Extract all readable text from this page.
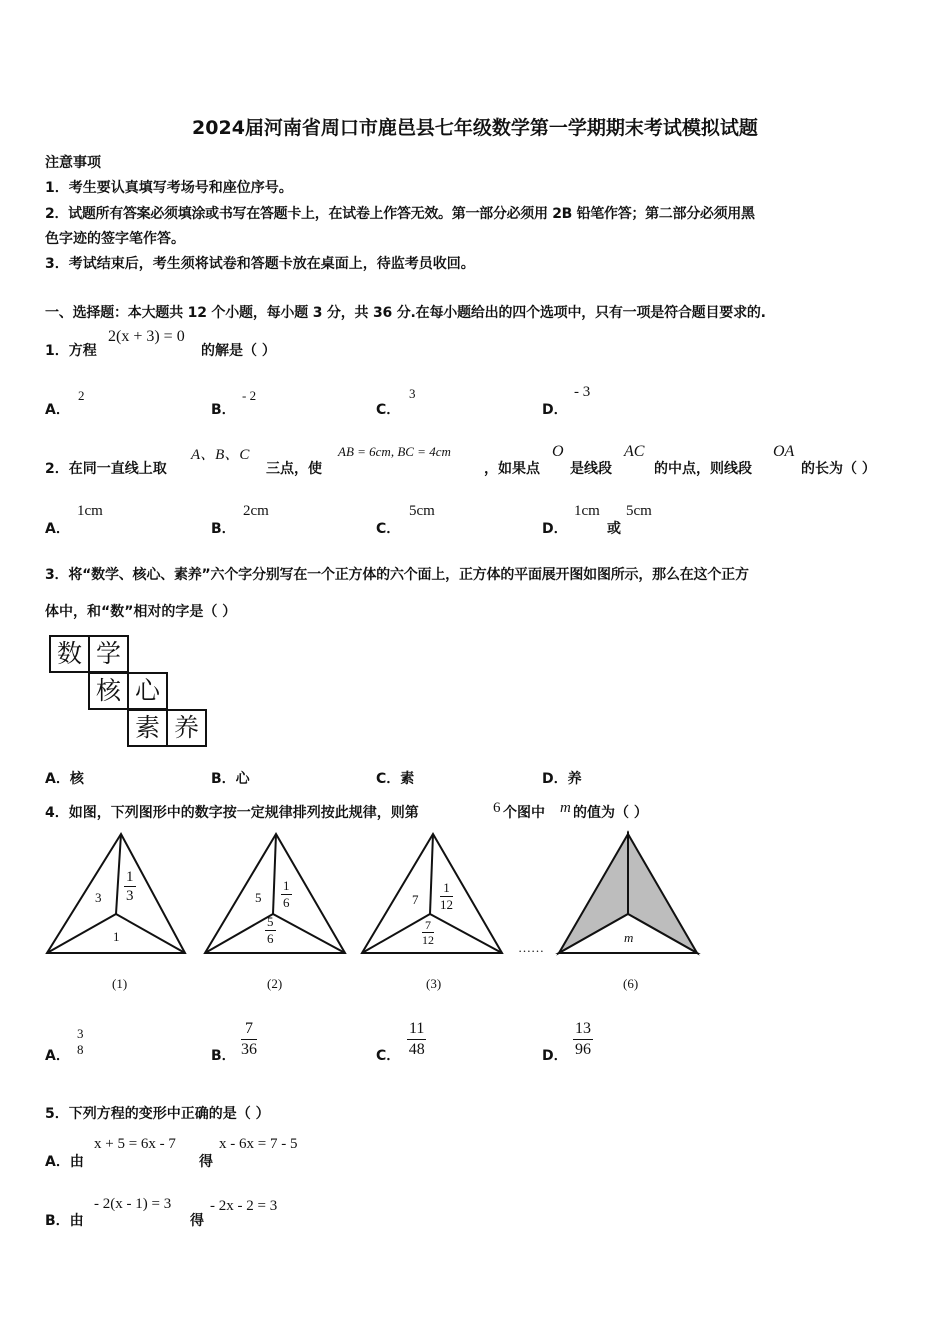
2024届河南省周口市鹿邑县七年级数学第一学期期末考试模拟试题
注意事项
1．考生要认真填写考场号和座位序号。
2．试题所有答案必须填涂或书写在答题卡上，在试卷上作答无效。第一部分必须用 2B 铅笔作答；第二部分必须用黑
色字迹的签字笔作答。
3．考试结束后，考生须将试卷和答题卡放在桌面上，待监考员收回。
一、选择题：本大题共 12 个小题，每小题 3 分，共 36 分.在每小题给出的四个选项中，只有一项是符合题目要求的.
1．方程
2(x + 3) = 0
的解是（ ）
A．
2
B．
- 2
C．
3
D．
- 3
2．在同一直线上取
A、B、C
三点，使
AB = 6cm, BC = 4cm
，如果点
O
是线段
AC
的中点，则线段
OA
的长为（ ）
A．
1cm
B．
2cm
C．
5cm
D．
1cm
或
5cm
3．将“数学、核心、素养”六个字分别写在一个正方体的六个面上，正方体的平面展开图如图所示，那么在这个正方
体中，和“数”相对的字是（ ）
数 学
核 心
素 养
A．核	B．心	C．素	D．养
4．如图，下列图形中的数字按一定规律排列按此规律，则第	6 个图中 m 的值为（ ）
$3 \frac{1}{3}$
1
(1)
$5 \frac{1}{6}$
$\frac{5}{6}$
(2)
$7 \frac{1}{12}$
$\frac{7}{12}$
(3)
……
m
(6)
A．
3
8	B． $\frac{7}{36}$	C． $\frac{11}{48}$	D． $\frac{13}{96}$
5．下列方程的变形中正确的是（ ）
A．由
x + 5 = 6x - 7
得
x - 6x = 7 - 5
B．由
- 2(x - 1) = 3
得
- 2x - 2 = 3
